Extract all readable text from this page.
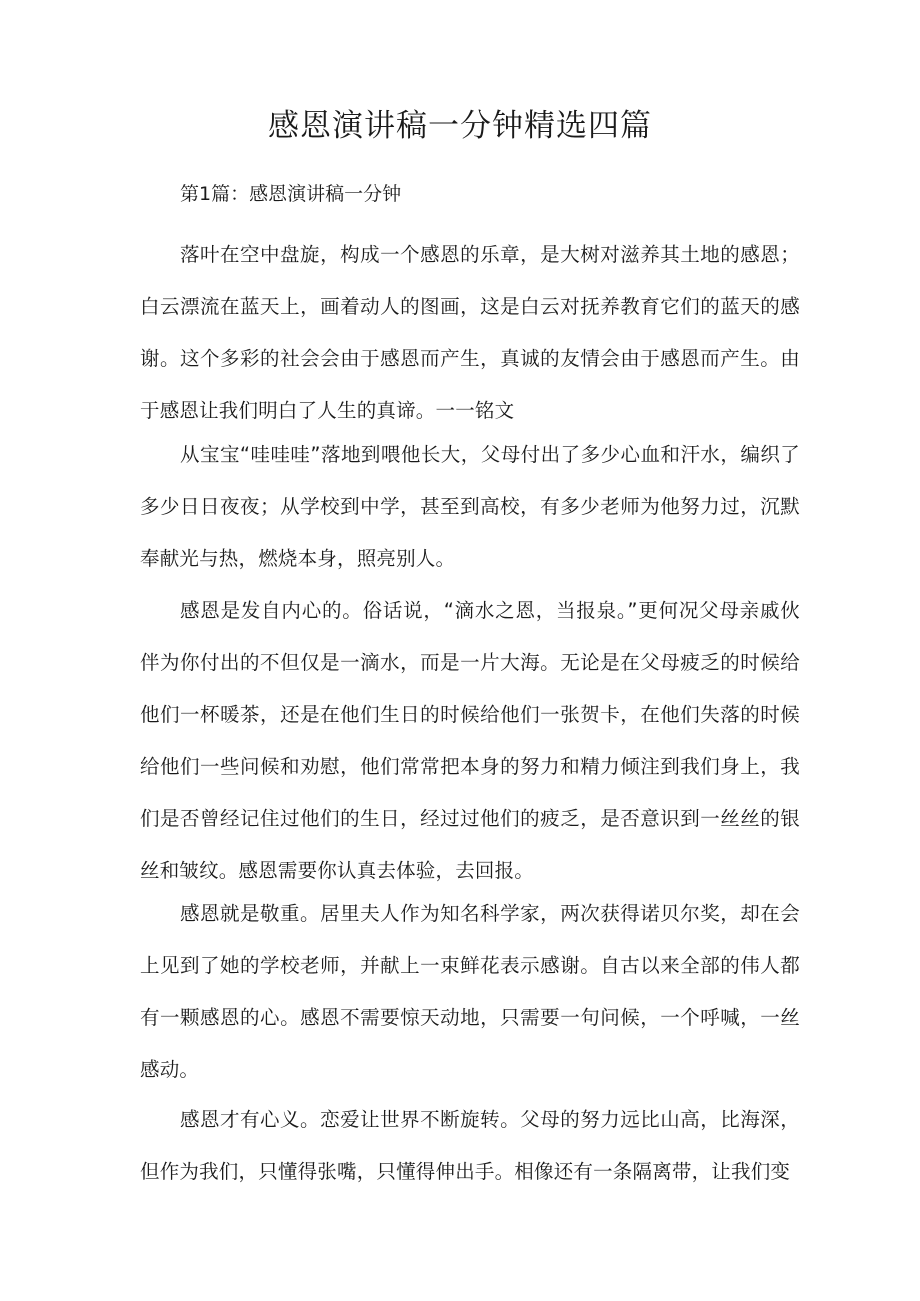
感恩演讲稿一分钟精选四篇
第1篇：感恩演讲稿一分钟

落叶在空中盘旋，构成一个感恩的乐章，是大树对滋养其土地的感恩；白云漂流在蓝天上，画着动人的图画，这是白云对抚养教育它们的蓝天的感谢。这个多彩的社会会由于感恩而产生，真诚的友情会由于感恩而产生。由于感恩让我们明白了人生的真谛。一一铭文

从宝宝“哇哇哇”落地到喂他长大，父母付出了多少心血和汗水，编织了多少日日夜夜；从学校到中学，甚至到高校，有多少老师为他努力过，沉默奉献光与热，燃烧本身，照亮别人。

感恩是发自内心的。俗话说，“滴水之恩，当报泉。”更何况父母亲戚伙伴为你付出的不但仅是一滴水，而是一片大海。无论是在父母疲乏的时候给他们一杯暖茶，还是在他们生日的时候给他们一张贺卡，在他们失落的时候给他们一些问候和劝慰，他们常常把本身的努力和精力倾注到我们身上，我们是否曾经记住过他们的生日，经过过他们的疲乏，是否意识到一丝丝的银丝和皱纹。感恩需要你认真去体验，去回报。

感恩就是敬重。居里夫人作为知名科学家，两次获得诺贝尔奖，却在会上见到了她的学校老师，并献上一束鲜花表示感谢。自古以来全部的伟人都有一颗感恩的心。感恩不需要惊天动地，只需要一句问候，一个呼喊，一丝感动。

感恩才有心义。恋爱让世界不断旋转。父母的努力远比山高，比海深，但作为我们，只懂得张嘴，只懂得伸出手。相像还有一条隔离带，让我们变
